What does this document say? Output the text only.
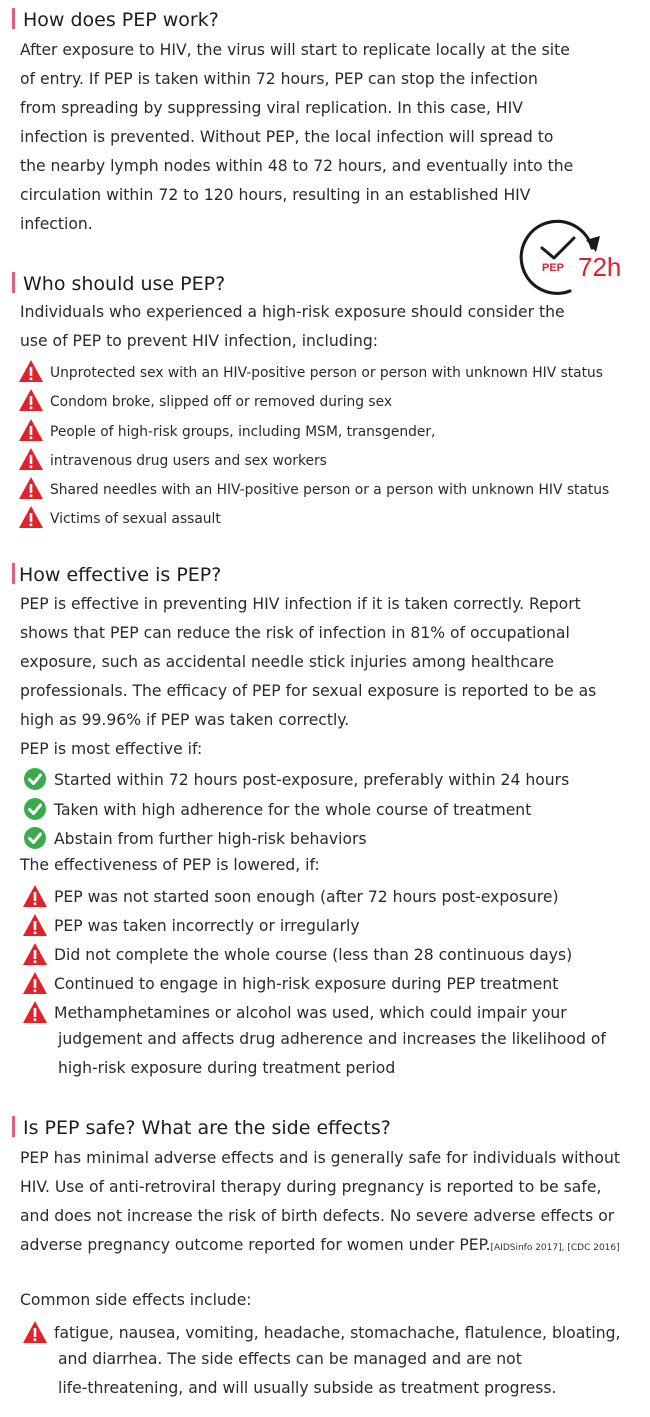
How does PEP work?
After exposure to HIV, the virus will start to replicate locally at the site
of entry. If PEP is taken within 72 hours, PEP can stop the infection
from spreading by suppressing viral replication. In this case, HIV
infection is prevented. Without PEP, the local infection will spread to
the nearby lymph nodes within 48 to 72 hours, and eventually into the
circulation within 72 to 120 hours, resulting in an established HIV
infection.
PEP 72h
Who should use PEP?
Individuals who experienced a high-risk exposure should consider the
use of PEP to prevent HIV infection, including:
Unprotected sex with an HIV-positive person or person with unknown HIV status
Condom broke, slipped off or removed during sex
People of high-risk groups, including MSM, transgender,
intravenous drug users and sex workers
Shared needles with an HIV-positive person or a person with unknown HIV status
Victims of sexual assault
How effective is PEP?
PEP is effective in preventing HIV infection if it is taken correctly. Report
shows that PEP can reduce the risk of infection in 81% of occupational
exposure, such as accidental needle stick injuries among healthcare
professionals. The efficacy of PEP for sexual exposure is reported to be as
high as 99.96% if PEP was taken correctly.
PEP is most effective if:
Started within 72 hours post-exposure, preferably within 24 hours
Taken with high adherence for the whole course of treatment
Abstain from further high-risk behaviors
The effectiveness of PEP is lowered, if:
PEP was not started soon enough (after 72 hours post-exposure)
PEP was taken incorrectly or irregularly
Did not complete the whole course (less than 28 continuous days)
Continued to engage in high-risk exposure during PEP treatment
Methamphetamines or alcohol was used, which could impair your
judgement and affects drug adherence and increases the likelihood of
high-risk exposure during treatment period
Is PEP safe? What are the side effects?
PEP has minimal adverse effects and is generally safe for individuals without
HIV. Use of anti-retroviral therapy during pregnancy is reported to be safe,
and does not increase the risk of birth defects. No severe adverse effects or
adverse pregnancy outcome reported for women under PEP.[AIDSinfo 2017], [CDC 2016]
Common side effects include:
fatigue, nausea, vomiting, headache, stomachache, flatulence, bloating,
and diarrhea. The side effects can be managed and are not
life-threatening, and will usually subside as treatment progress.
